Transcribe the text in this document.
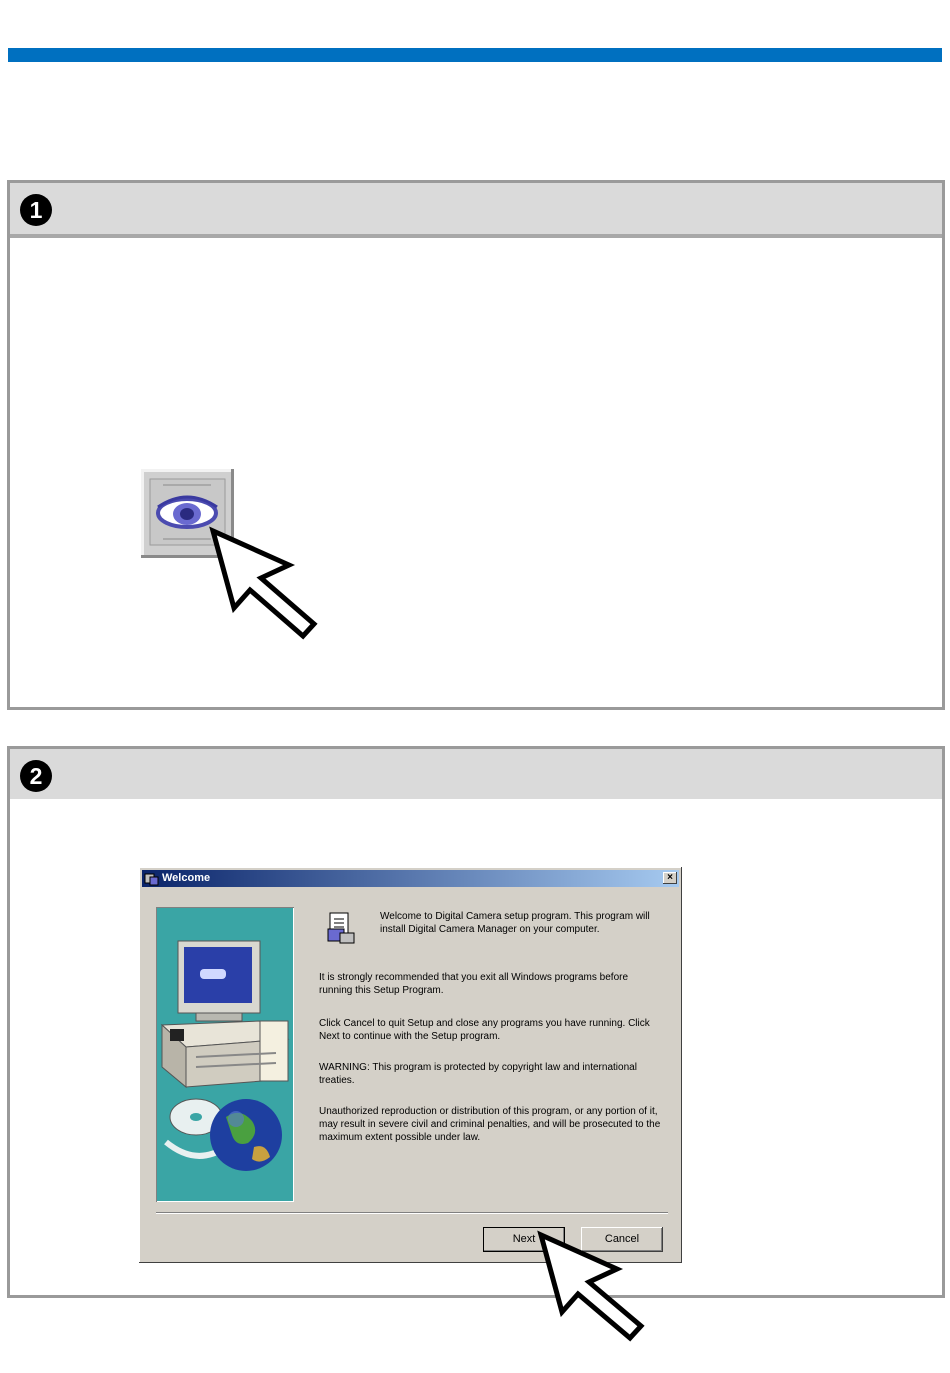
1
2
Welcome	×
Welcome to Digital Camera setup program. This program will install Digital Camera Manager on your computer.
It is strongly recommended that you exit all Windows programs before running this Setup Program.
Click Cancel to quit Setup and close any programs you have running. Click Next to continue with the Setup program.
WARNING: This program is protected by copyright law and international treaties.
Unauthorized reproduction or distribution of this program, or any portion of it, may result in severe civil and criminal penalties, and will be prosecuted to the maximum extent possible under law.
Next	Cancel
